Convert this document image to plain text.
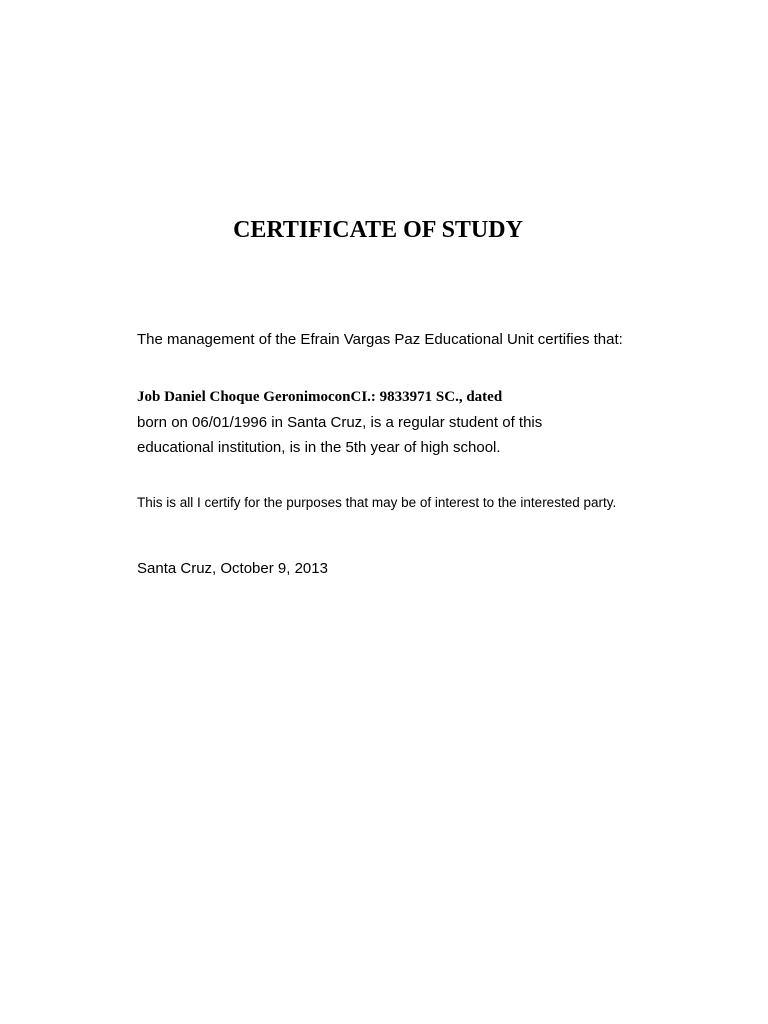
CERTIFICATE OF STUDY
The management of the Efrain Vargas Paz Educational Unit certifies that:
Job Daniel Choque GeronimoconCI.: 9833971 SC., dated
born on 06/01/1996 in Santa Cruz, is a regular student of this
educational institution, is in the 5th year of high school.
This is all I certify for the purposes that may be of interest to the interested party.
Santa Cruz, October 9, 2013
